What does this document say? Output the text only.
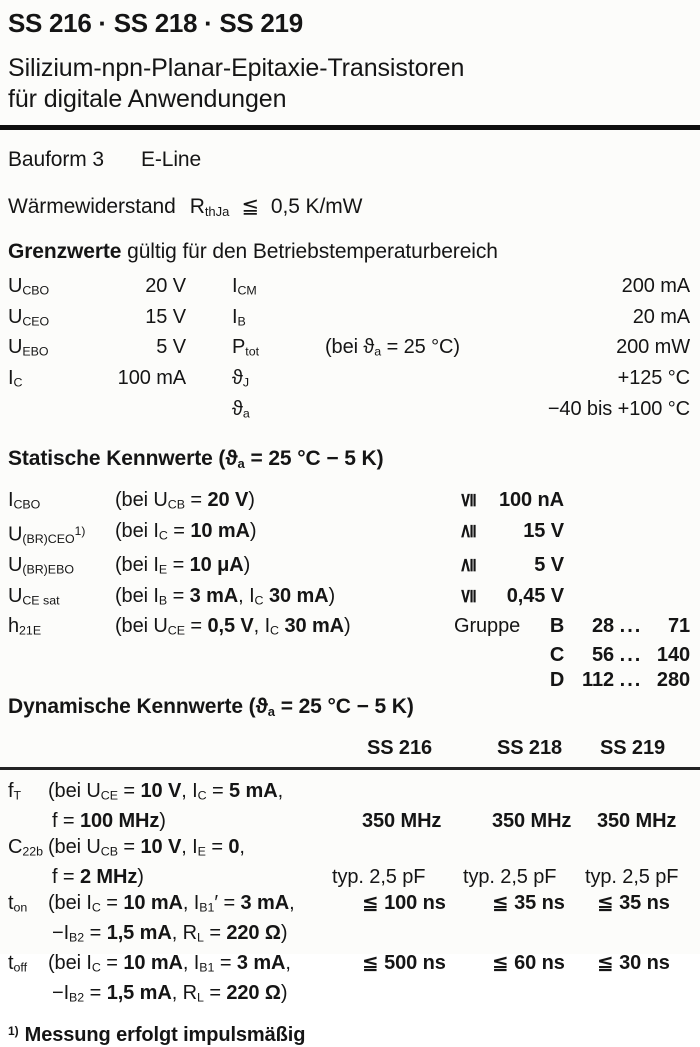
SS 216 · SS 218 · SS 219
Silizium-npn-Planar-Epitaxie-Transistoren
für digitale Anwendungen
Bauform 3 E-Line
Wärmewiderstand $R_{thJa}$ ≦ 0,5 K/mW
Grenzwerte gültig für den Betriebstemperaturbereich
$U_{CBO}$	20 V $I_{CM}$	200 mA
$U_{CEO}$	15 V $I_B$	20 mA
$U_{EBO}$	5 V $P_{tot}$	(bei $ϑ_a = 25$ °C)	200 mW
$I_C$	100 mA $ϑ_J$	+125 °C
$ϑ_a$	−40 bis +100 °C
Statische Kennwerte ($ϑ_a = 25$ °C − 5 K)
$I_{CBO}$	(bei $U_{CB} = 20$ V)	≦	100 nA
$U_{(BR)CEO}^{1)}$	(bei $I_C = 10$ mA)	≧	15 V
$U_{(BR)EBO}$	(bei $I_E = 10$ μA)	≧	5 V
$U_{CE sat}$	(bei $I_B = 3$ mA, $I_C$ 30 mA)	≦	0,45 V
$h_{21E}$	(bei $U_{CE} = 0,5$ V, $I_C$ 30 mA)	Gruppe	B	28 ...	71
C	56 ... 140
D 112 ... 280
Dynamische Kennwerte ($ϑ_a = 25$ °C − 5 K)
SS 216	SS 218 SS 219
$f_T$ (bei $U_{CE} = 10$ V, $I_C = 5$ mA,
f = 100 MHz)	350 MHz	350 MHz 350 MHz
$C_{22b}$ (bei $U_{CB} = 10$ V, $I_E = 0$,
f = 2 MHz)	typ. 2,5 pF typ. 2,5 pF typ. 2,5 pF
$t_{on}$ (bei $I_C = 10$ mA, $I_{B1}' = 3$ mA,	≦ 100 ns ≦ 35 ns ≦ 35 ns
$-I_{B2} = 1,5$ mA, $R_L = 220$ Ω)
$t_{off}$ (bei $I_C = 10$ mA, $I_{B1} = 3$ mA,	≦ 500 ns ≦ 60 ns ≦ 30 ns
$-I_{B2} = 1,5$ mA, $R_L = 220$ Ω)
$^{1)}$ Messung erfolgt impulsmäßig
